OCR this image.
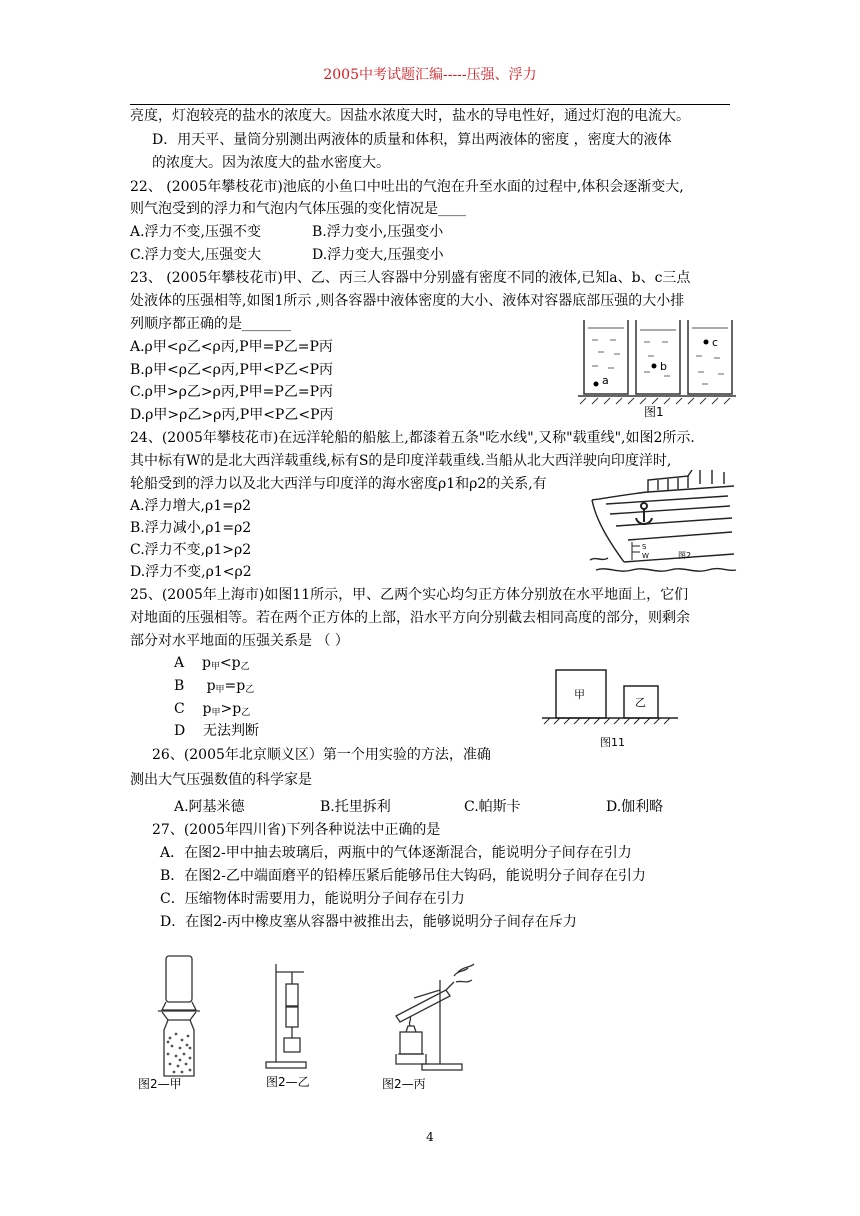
2005中考试题汇编-----压强、浮力
亮度，灯泡较亮的盐水的浓度大。因盐水浓度大时，盐水的导电性好，通过灯泡的电流大。
D．用天平、量筒分别测出两液体的质量和体积，算出两液体的密度 ，密度大的液体
的浓度大。因为浓度大的盐水密度大。
22、 (2005年攀枝花市)池底的小鱼口中吐出的气泡在升至水面的过程中,体积会逐渐变大,
则气泡受到的浮力和气泡内气体压强的变化情况是____
A.浮力不变,压强不变	B.浮力变小,压强变小
C.浮力变大,压强变大	D.浮力变大,压强变小
23、 (2005年攀枝花市)甲、乙、丙三人容器中分别盛有密度不同的液体,已知a、b、c三点
处液体的压强相等,如图1所示 ,则各容器中液体密度的大小、液体对容器底部压强的大小排
列顺序都正确的是_______
A.ρ甲<ρ乙<ρ丙,P甲=P乙=P丙
B.ρ甲<ρ乙<ρ丙,P甲<P乙<P丙
C.ρ甲>ρ乙>ρ丙,P甲=P乙=P丙
D.ρ甲>ρ乙>ρ丙,P甲<P乙<P丙
a
b
c
图1
24、(2005年攀枝花市)在远洋轮船的船舷上,都漆着五条"吃水线",又称"载重线",如图2所示.
其中标有W的是北大西洋载重线,标有S的是印度洋载重线.当船从北大西洋驶向印度洋时,
轮船受到的浮力以及北大西洋与印度洋的海水密度ρ1和ρ2的关系,有
A.浮力增大,ρ1=ρ2
B.浮力减小,ρ1=ρ2
C.浮力不变,ρ1>ρ2
D.浮力不变,ρ1<ρ2
S
W	图2
25、(2005年上海市)如图11所示，甲、乙两个实心均匀正方体分别放在水平地面上，它们
对地面的压强相等。若在两个正方体的上部，沿水平方向分别截去相同高度的部分，则剩余
部分对水平地面的压强关系是 （ ）
A $p_甲<p_乙$
B $p_甲=p_乙$
C $p_甲>p_乙$
D 无法判断
甲
乙
图11
26、(2005年北京顺义区）第一个用实验的方法，准确
测出大气压强数值的科学家是
A.阿基米德	B.托里拆利	C.帕斯卡	D.伽利略
27、(2005年四川省)下列各种说法中正确的是
A．在图2-甲中抽去玻璃后，两瓶中的气体逐渐混合，能说明分子间存在引力
B．在图2-乙中端面磨平的铅棒压紧后能够吊住大钩码，能说明分子间存在引力
C．压缩物体时需要用力，能说明分子间存在引力
D．在图2-丙中橡皮塞从容器中被推出去，能够说明分子间存在斥力
图2—甲	图2—乙	图2—丙
4
